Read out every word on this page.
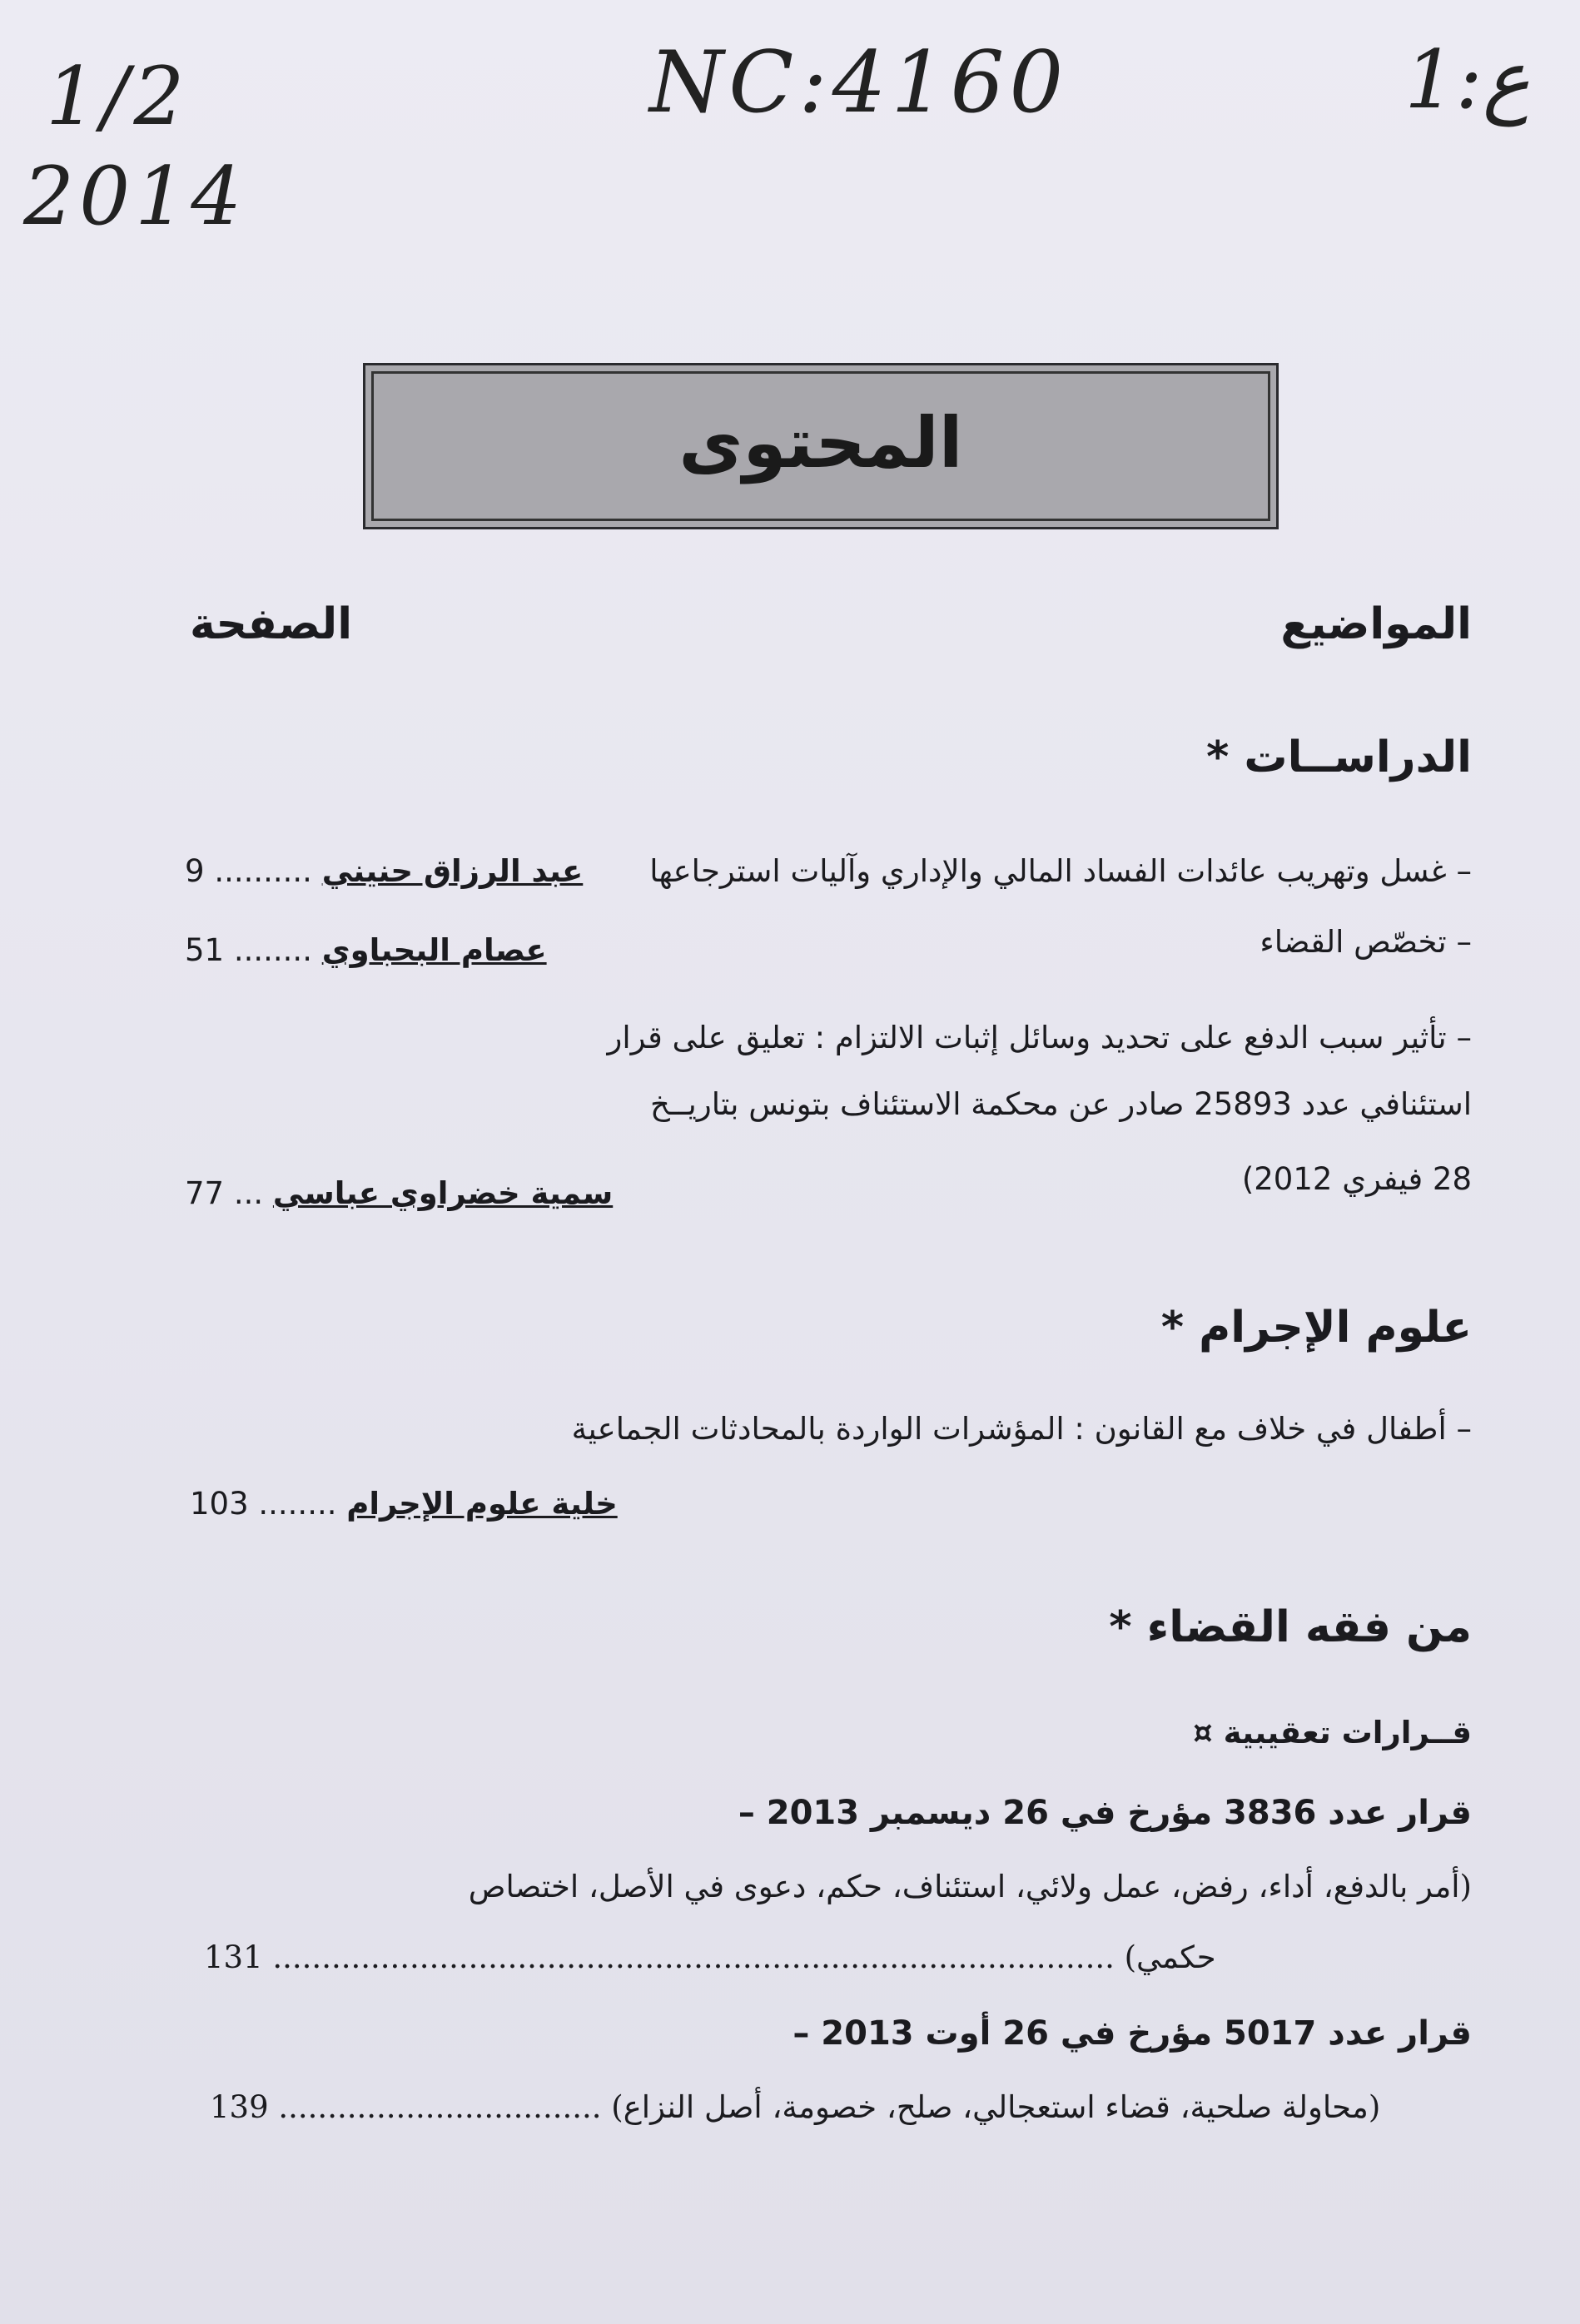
NC:4160
1/2
2014
1:ع
المحتوى
المواضيع
الصفحة
* الدراســات
– غسل وتهريب عائدات الفساد المالي والإداري وآليات استرجاعها
عبد الرزاق حنيني .......... 9
– تخصّص القضاء
عصام البحباوي ........ 51
– تأثير سبب الدفع على تحديد وسائل إثبات الالتزام : تعليق على قرار
استئنافي عدد 25893 صادر عن محكمة الاستئناف بتونس بتاريــخ
28 فيفري 2012)
سمية خضراوي عباسي ... 77
* علوم الإجرام
– أطفال في خلاف مع القانون : المؤشرات الواردة بالمحادثات الجماعية
خلية علوم الإجرام ........ 103
* من فقه القضاء
¤ قــرارات تعقيبية
– قرار عدد 3836 مؤرخ في 26 ديسمبر 2013
(أمر بالدفع، أداء، رفض، عمل ولائي، استئناف، حكم، دعوى في الأصل، اختصاص
حكمي) ...................................................................................... 131
– قرار عدد 5017 مؤرخ في 26 أوت 2013
(محاولة صلحية، قضاء استعجالي، صلح، خصومة، أصل النزاع) ................................. 139
